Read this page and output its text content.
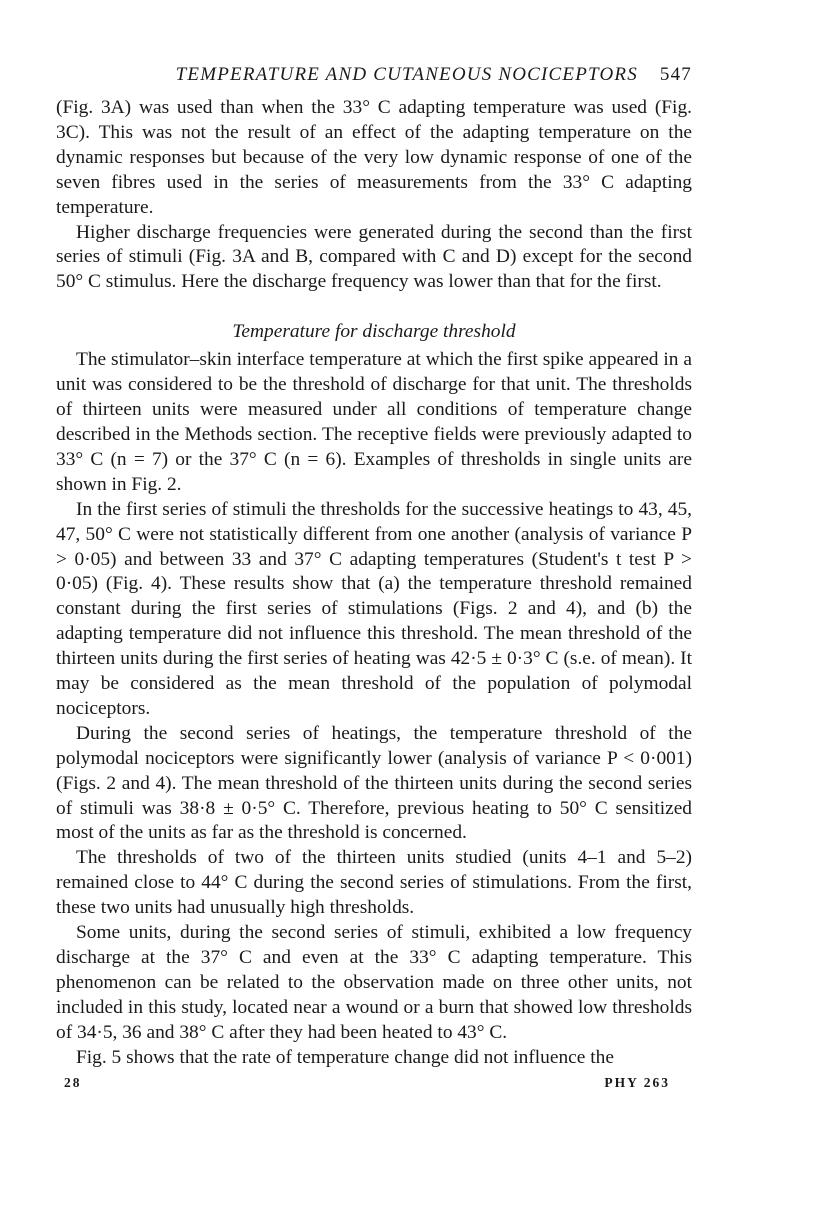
TEMPERATURE AND CUTANEOUS NOCICEPTORS 547

(Fig. 3A) was used than when the 33° C adapting temperature was used (Fig. 3C). This was not the result of an effect of the adapting temperature on the dynamic responses but because of the very low dynamic response of one of the seven fibres used in the series of measurements from the 33° C adapting temperature.

Higher discharge frequencies were generated during the second than the first series of stimuli (Fig. 3A and B, compared with C and D) except for the second 50° C stimulus. Here the discharge frequency was lower than that for the first.

Temperature for discharge threshold

The stimulator–skin interface temperature at which the first spike appeared in a unit was considered to be the threshold of discharge for that unit. The thresholds of thirteen units were measured under all conditions of temperature change described in the Methods section. The receptive fields were previously adapted to 33° C (n = 7) or the 37° C (n = 6). Examples of thresholds in single units are shown in Fig. 2.

In the first series of stimuli the thresholds for the successive heatings to 43, 45, 47, 50° C were not statistically different from one another (analysis of variance P > 0·05) and between 33 and 37° C adapting temperatures (Student's t test P > 0·05) (Fig. 4). These results show that (a) the temperature threshold remained constant during the first series of stimulations (Figs. 2 and 4), and (b) the adapting temperature did not influence this threshold. The mean threshold of the thirteen units during the first series of heating was 42·5 ± 0·3° C (s.e. of mean). It may be considered as the mean threshold of the population of polymodal nociceptors.

During the second series of heatings, the temperature threshold of the polymodal nociceptors were significantly lower (analysis of variance P < 0·001) (Figs. 2 and 4). The mean threshold of the thirteen units during the second series of stimuli was 38·8 ± 0·5° C. Therefore, previous heating to 50° C sensitized most of the units as far as the threshold is concerned.

The thresholds of two of the thirteen units studied (units 4–1 and 5–2) remained close to 44° C during the second series of stimulations. From the first, these two units had unusually high thresholds.

Some units, during the second series of stimuli, exhibited a low frequency discharge at the 37° C and even at the 33° C adapting temperature. This phenomenon can be related to the observation made on three other units, not included in this study, located near a wound or a burn that showed low thresholds of 34·5, 36 and 38° C after they had been heated to 43° C.

Fig. 5 shows that the rate of temperature change did not influence the

28	PHY 263
